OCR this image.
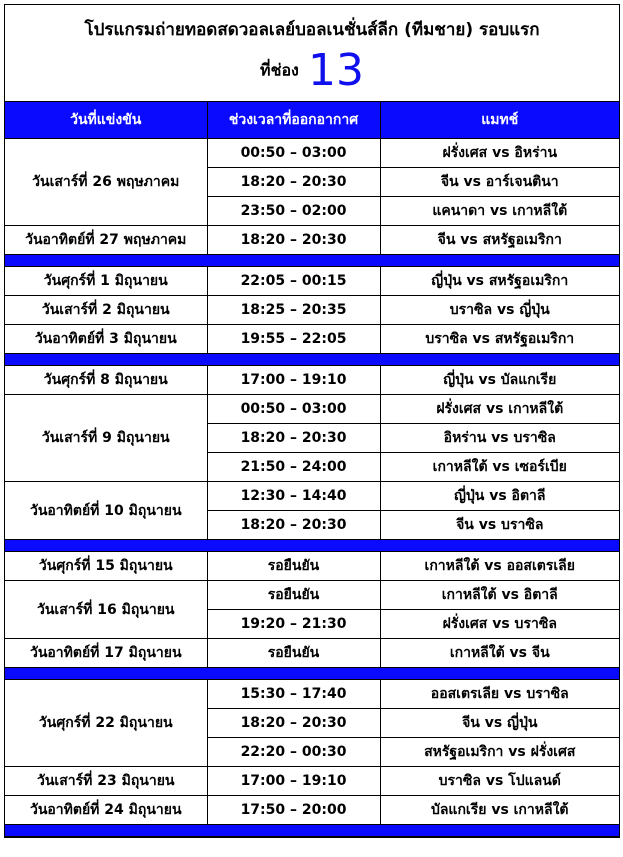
โปรแกรมถ่ายทอดสดวอลเลย์บอลเนชั่นส์ลีก (ทีมชาย) รอบแรก
ที่ช่อง 13
วันที่แข่งขัน	ช่วงเวลาที่ออกอากาศ	แมทช์
วันเสาร์ที่ 26 พฤษภาคม	00:50 – 03:00	ฝรั่งเศส vs อิหร่าน
	18:20 – 20:30	จีน vs อาร์เจนตินา
	23:50 – 02:00	แคนาดา vs เกาหลีใต้
วันอาทิตย์ที่ 27 พฤษภาคม	18:20 – 20:30	จีน vs สหรัฐอเมริกา

วันศุกร์ที่ 1 มิถุนายน	22:05 – 00:15	ญี่ปุ่น vs สหรัฐอเมริกา
วันเสาร์ที่ 2 มิถุนายน	18:25 – 20:35	บราซิล vs ญี่ปุ่น
วันอาทิตย์ที่ 3 มิถุนายน	19:55 – 22:05	บราซิล vs สหรัฐอเมริกา

วันศุกร์ที่ 8 มิถุนายน	17:00 – 19:10	ญี่ปุ่น vs บัลแกเรีย
วันเสาร์ที่ 9 มิถุนายน	00:50 – 03:00	ฝรั่งเศส vs เกาหลีใต้
	18:20 – 20:30	อิหร่าน vs บราซิล
	21:50 – 24:00	เกาหลีใต้ vs เซอร์เบีย
วันอาทิตย์ที่ 10 มิถุนายน	12:30 – 14:40	ญี่ปุ่น vs อิตาลี
	18:20 – 20:30	จีน vs บราซิล

วันศุกร์ที่ 15 มิถุนายน	รอยืนยัน	เกาหลีใต้ vs ออสเตรเลีย
วันเสาร์ที่ 16 มิถุนายน	รอยืนยัน	เกาหลีใต้ vs อิตาลี
	19:20 – 21:30	ฝรั่งเศส vs บราซิล
วันอาทิตย์ที่ 17 มิถุนายน	รอยืนยัน	เกาหลีใต้ vs จีน

วันศุกร์ที่ 22 มิถุนายน	15:30 – 17:40	ออสเตรเลีย vs บราซิล
	18:20 – 20:30	จีน vs ญี่ปุ่น
	22:20 – 00:30	สหรัฐอเมริกา vs ฝรั่งเศส
วันเสาร์ที่ 23 มิถุนายน	17:00 – 19:10	บราซิล vs โปแลนด์
วันอาทิตย์ที่ 24 มิถุนายน	17:50 – 20:00	บัลแกเรีย vs เกาหลีใต้
